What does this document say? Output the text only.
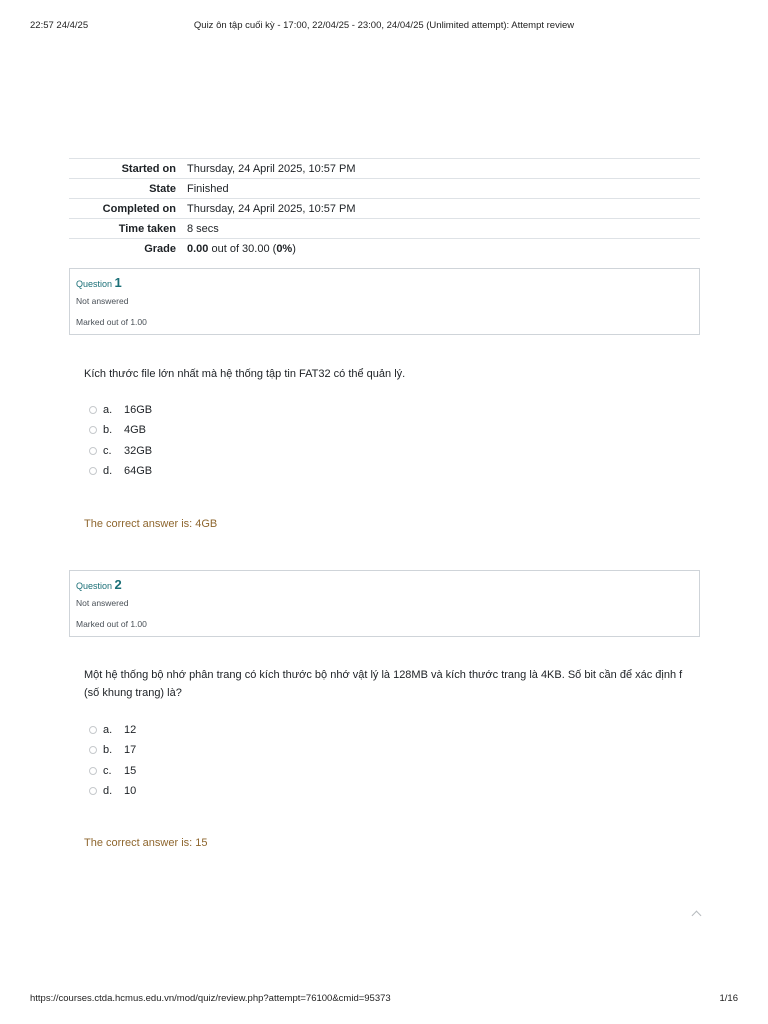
22:57 24/4/25	Quiz ôn tập cuối kỳ - 17:00, 22/04/25 - 23:00, 24/04/25 (Unlimited attempt): Attempt review
Started on	Thursday, 24 April 2025, 10:57 PM
State	Finished
Completed on	Thursday, 24 April 2025, 10:57 PM
Time taken	8 secs
Grade	0.00 out of 30.00 (0%)
Question 1
Not answered
Marked out of 1.00
Kích thước file lớn nhất mà hệ thống tập tin FAT32 có thể quản lý.
a.	16GB
b.	4GB
c.	32GB
d.	64GB
The correct answer is: 4GB
Question 2
Not answered
Marked out of 1.00
Một hệ thống bộ nhớ phân trang có kích thước bộ nhớ vật lý là 128MB và kích thước trang là 4KB. Số bit cần để xác định f (số khung trang) là?
a.	12
b.	17
c.	15
d.	10
The correct answer is: 15
https://courses.ctda.hcmus.edu.vn/mod/quiz/review.php?attempt=76100&cmid=95373	1/16
